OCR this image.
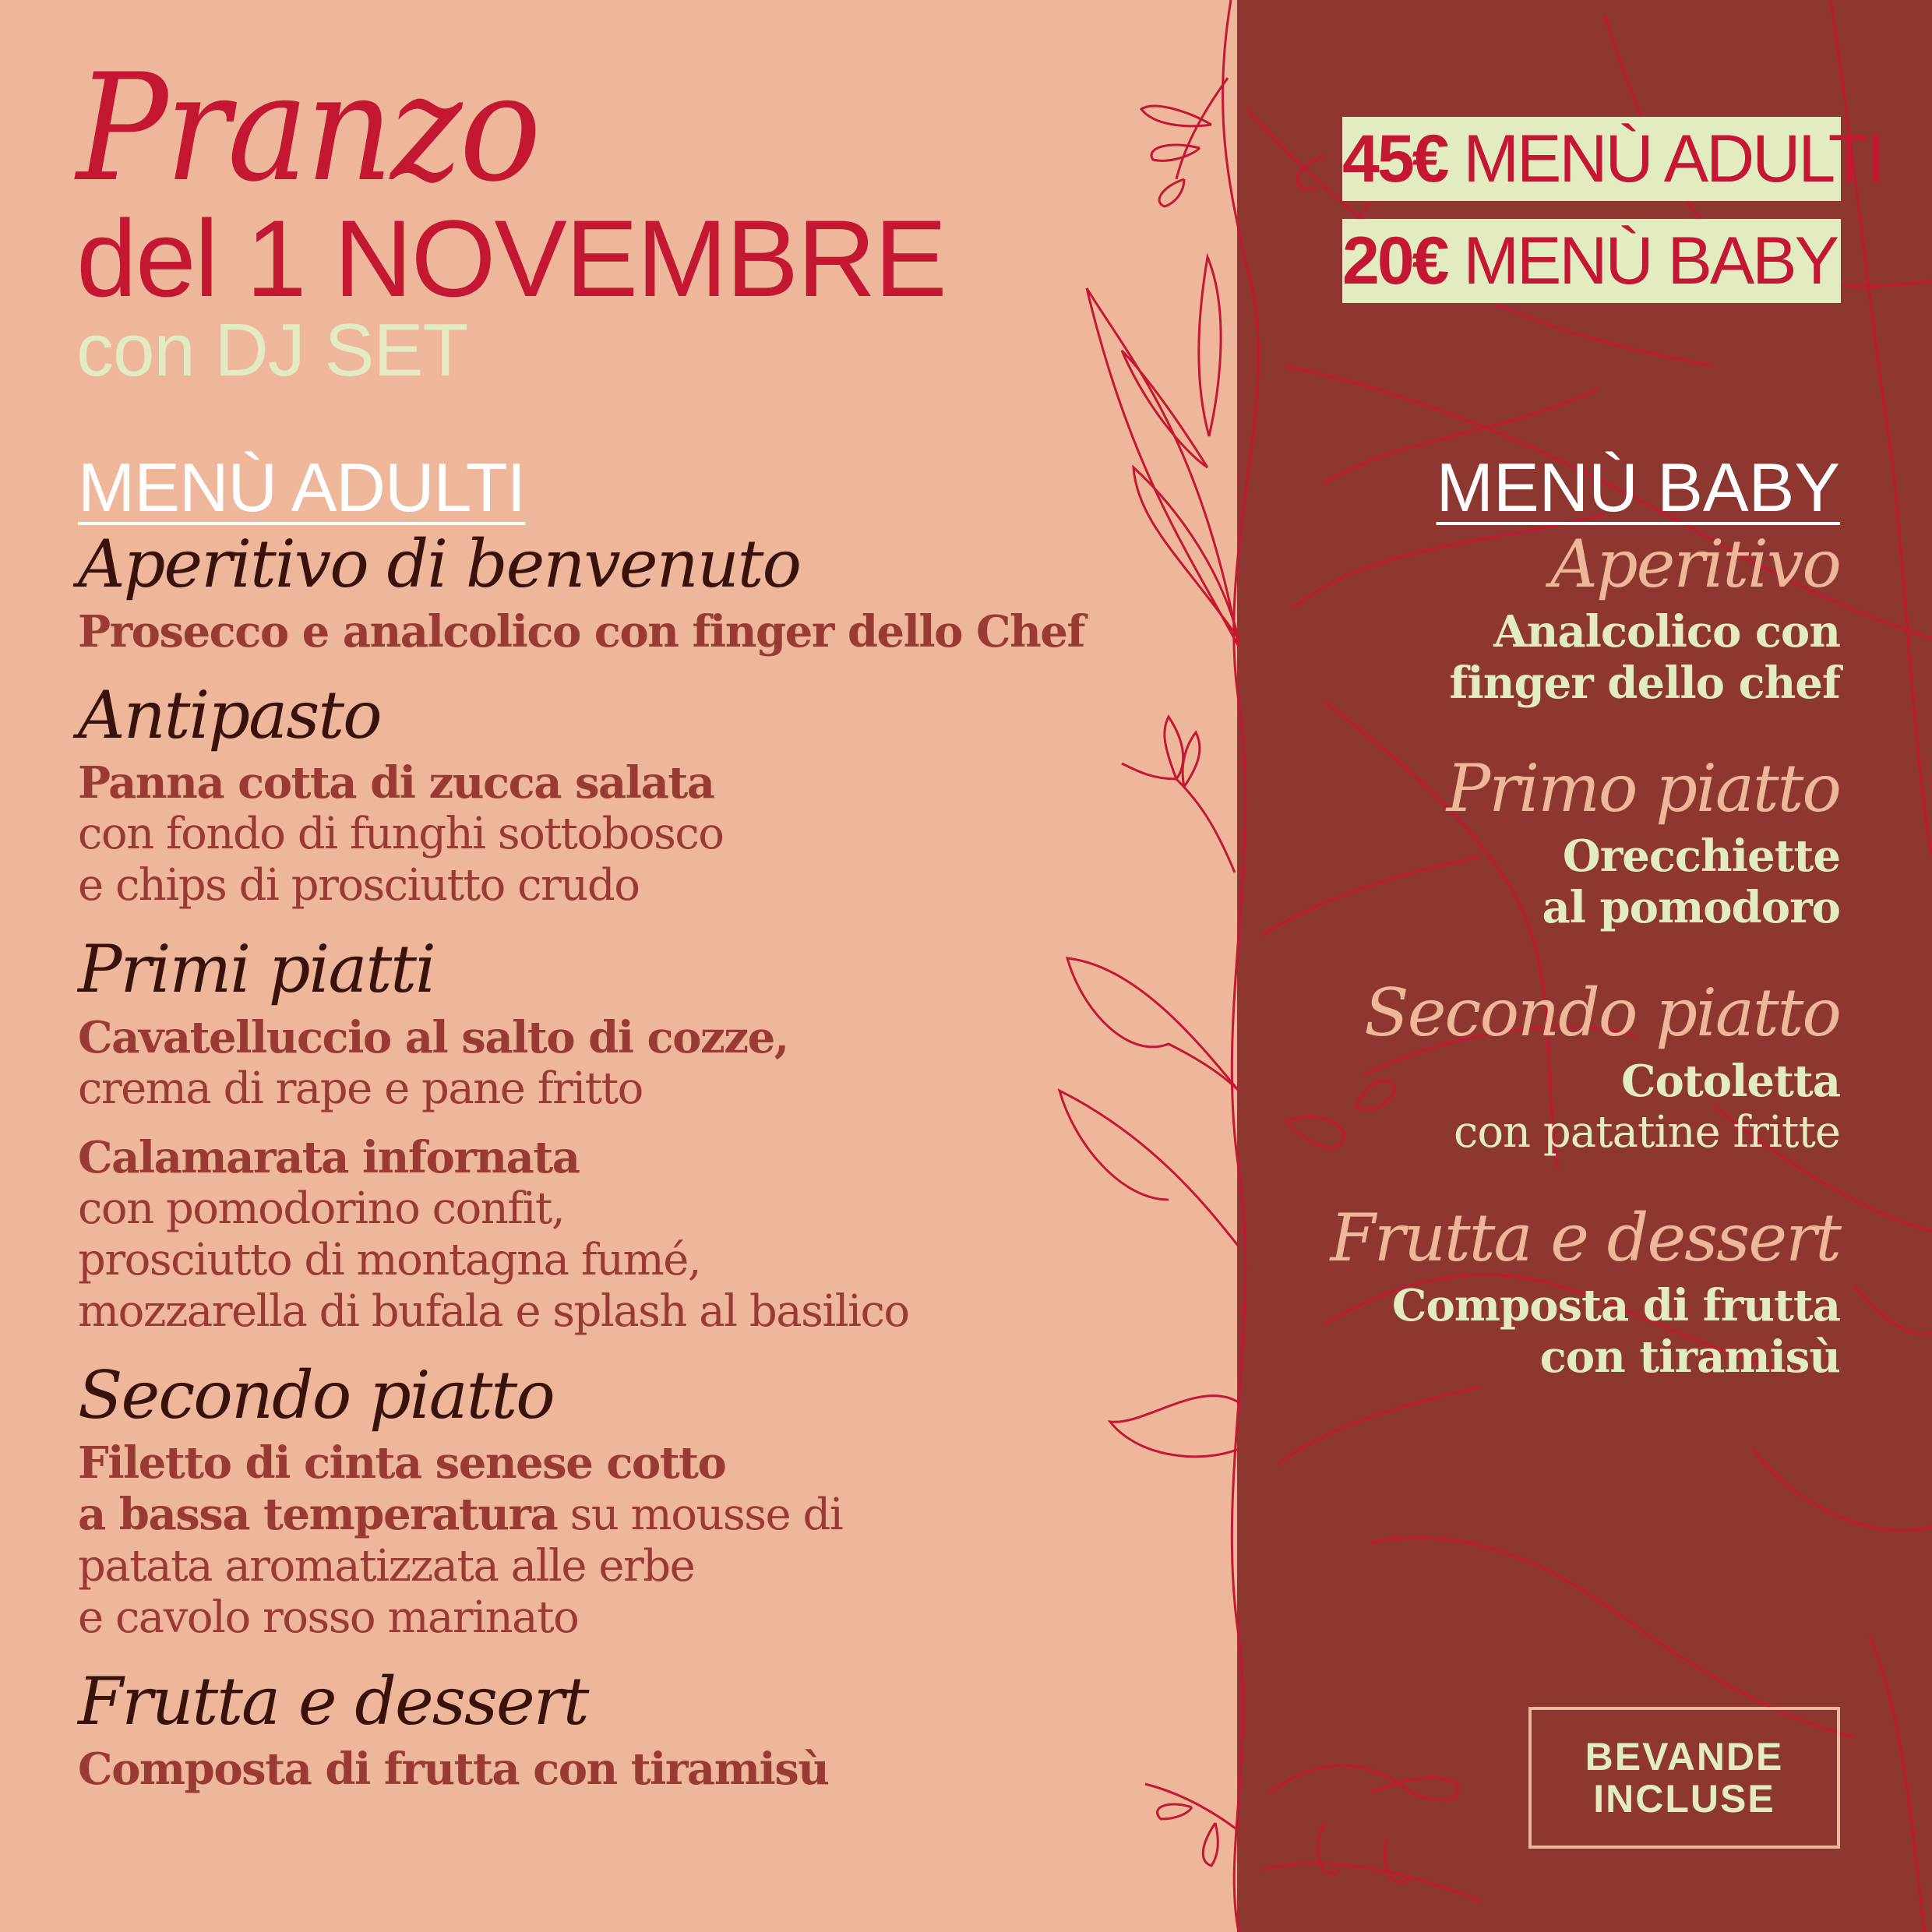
Pranzo
del 1 NOVEMBRE
con DJ SET
45€ MENÙ ADULTI
20€ MENÙ BABY
MENÙ ADULTI	MENÙ BABY
Aperitivo di benvenuto
Prosecco e analcolico con finger dello Chef
Antipasto
Panna cotta di zucca salata
con fondo di funghi sottobosco
e chips di prosciutto crudo
Primi piatti
Cavatelluccio al salto di cozze,
crema di rape e pane fritto
Calamarata infornata
con pomodorino confit,
prosciutto di montagna fumé,
mozzarella di bufala e splash al basilico
Secondo piatto
Filetto di cinta senese cotto
a bassa temperatura su mousse di
patata aromatizzata alle erbe
e cavolo rosso marinato
Frutta e dessert
Composta di frutta con tiramisù
Aperitivo
Analcolico con
finger dello chef
Primo piatto
Orecchiette
al pomodoro
Secondo piatto
Cotoletta
con patatine fritte
Frutta e dessert
Composta di frutta
con tiramisù
BEVANDE
INCLUSE
